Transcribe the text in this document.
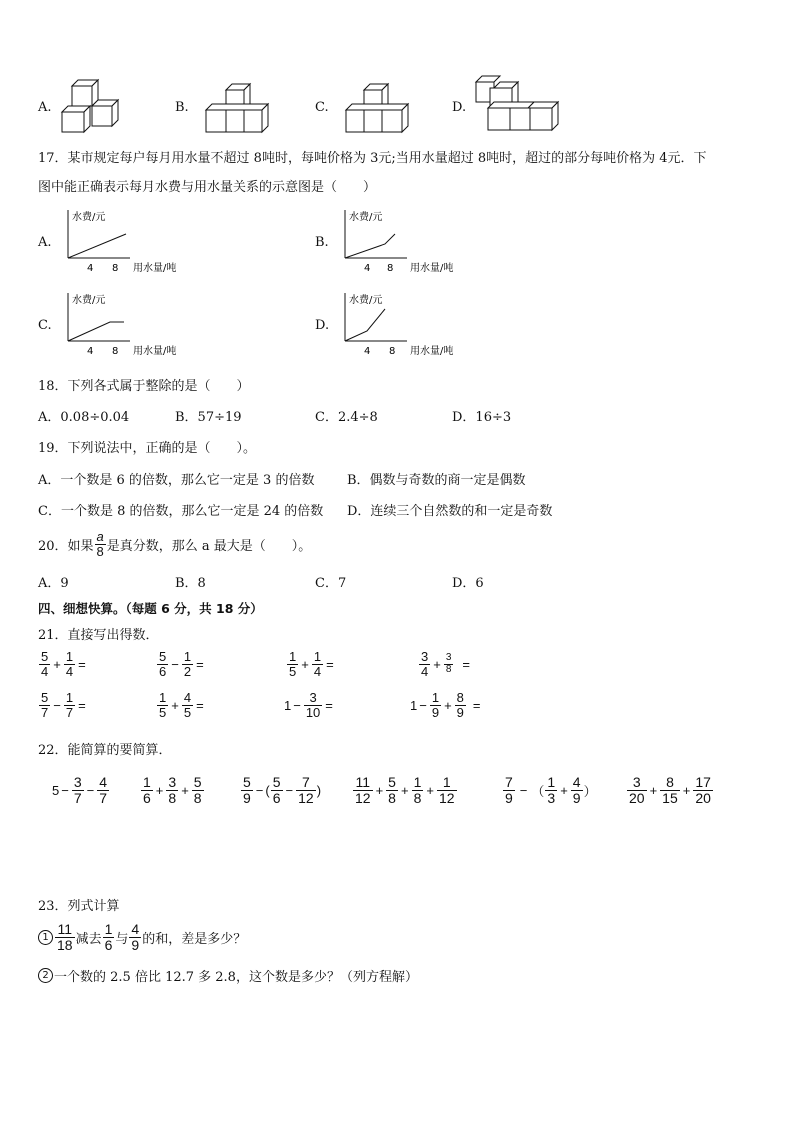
A.	B.	C.	D.
17．某市规定每户每月用水量不超过 8吨时，每吨价格为 3元;当用水量超过 8吨时，超过的部分每吨价格为 4元．下
图中能正确表示每月水费与用水量关系的示意图是（　　）
A.
水费/元
4 8 用水量/吨
B.
水费/元
4 8 用水量/吨
C.
水费/元
4 8 用水量/吨
D.
水费/元
4 8 用水量/吨
18．下列各式属于整除的是（　　）
A．0.08÷0.04	B．57÷19	C．2.4÷8	D．16÷3
19．下列说法中，正确的是（　　）。
A．一个数是 6 的倍数，那么它一定是 3 的倍数	B．偶数与奇数的商一定是偶数
C．一个数是 8 的倍数，那么它一定是 24 的倍数 D．连续三个自然数的和一定是奇数
20．如果 $\frac{a}{8}$ 是真分数，那么 a 最大是（　　）。
A．9	B．8	C．7	D．6
四、细想快算。（每题 6 分，共 18 分）
21．直接写出得数．
$\frac{5}{4} + \frac{1}{4}$ =	$\frac{5}{6} - \frac{1}{2}$ =	$\frac{1}{5} + \frac{1}{4}$ =	$\frac{3}{4} + \frac{3}{8}$ =
$\frac{5}{7} - \frac{1}{7}$ =	$\frac{1}{5} + \frac{4}{5}$ =	$1 - \frac{3}{10}$ =	$1 - \frac{1}{9} + \frac{8}{9}$ =
22．能简算的要简算．
$5 - \frac{3}{7} - \frac{4}{7} \frac{1}{6} + \frac{3}{8} + \frac{5}{8}$	$\frac{5}{9}$ − ( $\frac{5}{6} - \frac{7}{12}$ ) $\frac{11}{12} + \frac{5}{8} + \frac{1}{8} + \frac{1}{12}$	$\frac{7}{9}$ − （ $\frac{1}{3} + \frac{4}{9}$ ） $\frac{3}{20} + \frac{8}{15} + \frac{17}{20}$
23．列式计算
$1 \frac{11}{18}$ 减去 $\frac{1}{6}$ 与 $\frac{4}{9}$ 的和，差是多少？
2 一个数的 2.5 倍比 12.7 多 2.8，这个数是多少？（列方程解）
